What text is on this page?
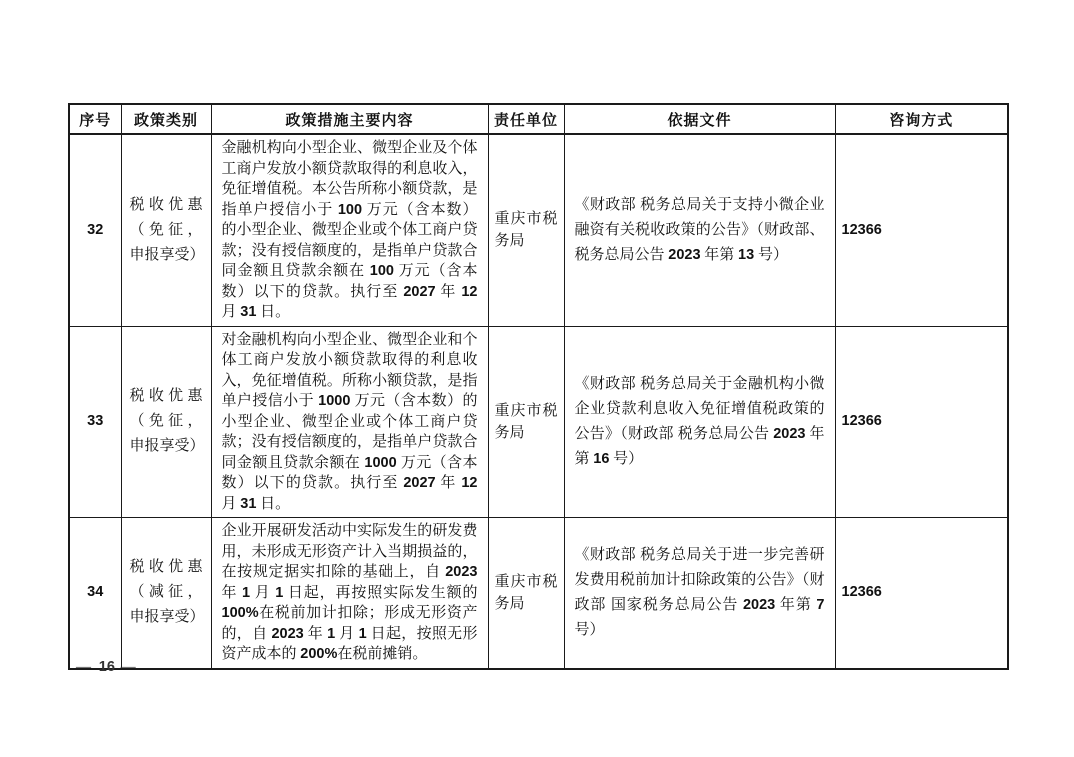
序号	政策类别	政策措施主要内容	责任单位	依据文件	咨询方式
32	税收优惠（免征，申报享受）	金融机构向小型企业、微型企业及个体工商户发放小额贷款取得的利息收入，免征增值税。本公告所称小额贷款，是指单户授信小于 100 万元（含本数）的小型企业、微型企业或个体工商户贷款；没有授信额度的，是指单户贷款合同金额且贷款余额在 100 万元（含本数）以下的贷款。执行至 2027 年 12 月 31 日。	重庆市税务局	《财政部 税务总局关于支持小微企业融资有关税收政策的公告》（财政部、税务总局公告 2023 年第 13 号）	12366
33	税收优惠（免征，申报享受）	对金融机构向小型企业、微型企业和个体工商户发放小额贷款取得的利息收入，免征增值税。所称小额贷款，是指单户授信小于 1000 万元（含本数）的小型企业、微型企业或个体工商户贷款；没有授信额度的，是指单户贷款合同金额且贷款余额在 1000 万元（含本数）以下的贷款。执行至 2027 年 12 月 31 日。	重庆市税务局	《财政部 税务总局关于金融机构小微企业贷款利息收入免征增值税政策的公告》（财政部 税务总局公告 2023 年第 16 号）	12366
34	税收优惠（减征，申报享受）	企业开展研发活动中实际发生的研发费用，未形成无形资产计入当期损益的，在按规定据实扣除的基础上，自 2023 年 1 月 1 日起，再按照实际发生额的 100%在税前加计扣除；形成无形资产的，自 2023 年 1 月 1 日起，按照无形资产成本的 200%在税前摊销。	重庆市税务局	《财政部 税务总局关于进一步完善研发费用税前加计扣除政策的公告》（财政部 国家税务总局公告 2023 年第 7 号）	12366
— 16 —
